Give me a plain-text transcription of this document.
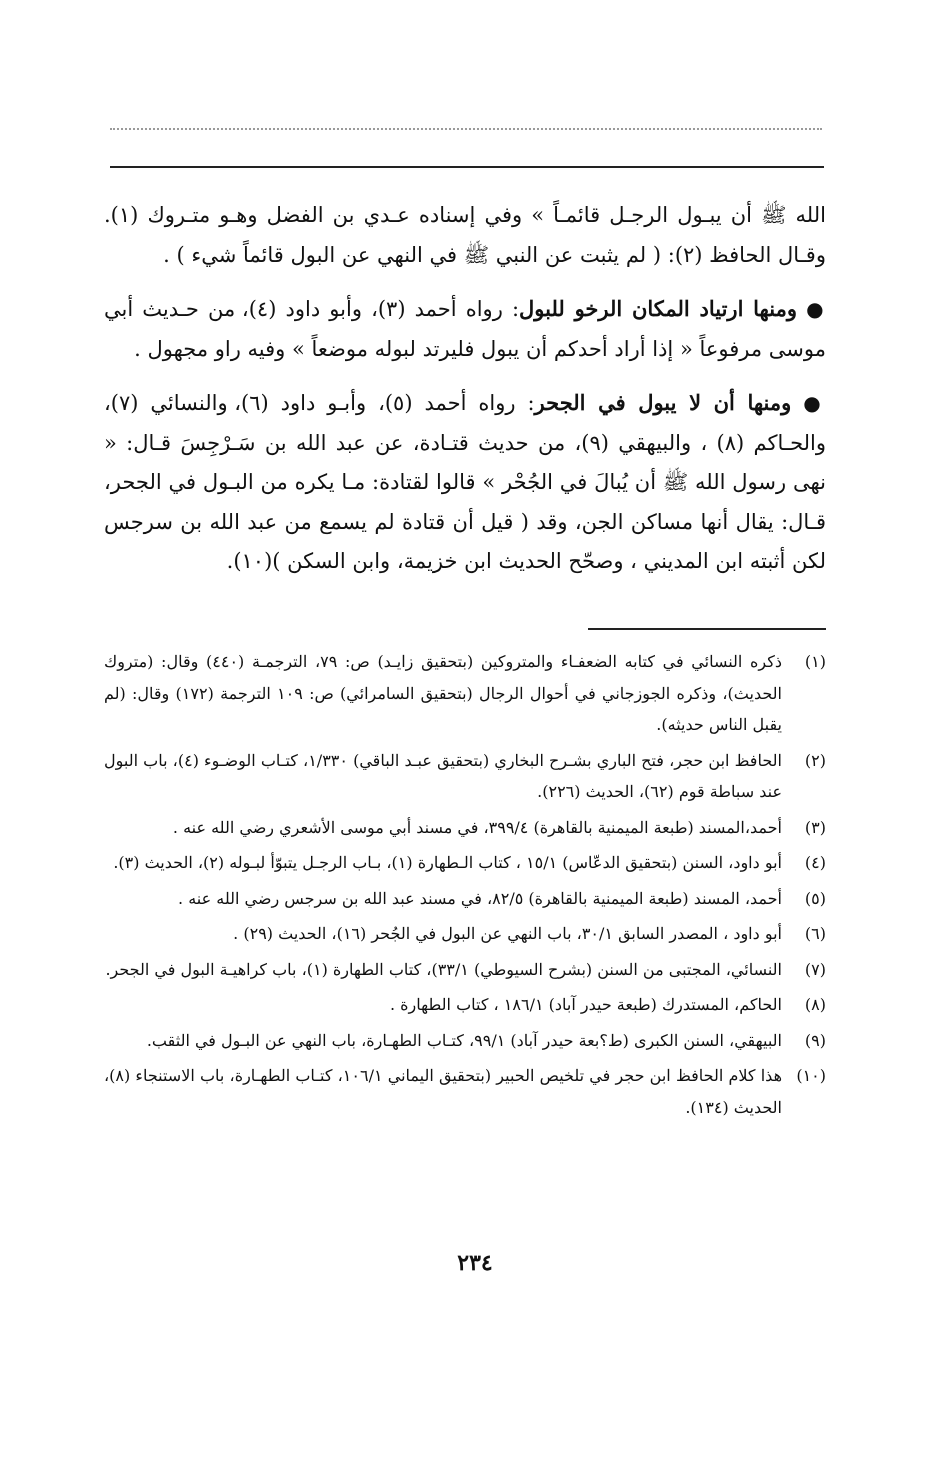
الله ﷺ أن يبـول الرجـل قائمـاً » وفي إسناده عـدي بن الفضل وهـو متـروك (١). وقـال الحافظ (٢): ( لم يثبت عن النبي ﷺ في النهي عن البول قائماً شيء ) .

● ومنها ارتياد المكان الرخو للبول: رواه أحمد (٣)، وأبو داود (٤)، من حـديث أبي موسى مرفوعاً « إذا أراد أحدكم أن يبول فليرتد لبوله موضعاً » وفيه راو مجهول .

● ومنها أن لا يبول في الجحر: رواه أحمد (٥)، وأبـو داود (٦)، والنسائي (٧)، والحـاكم (٨) ، والبيهقي (٩)، من حديث قتـادة، عن عبد الله بن سَـرْجِسَ قـال: « نهى رسول الله ﷺ أن يُبالَ في الجُحْر » قالوا لقتادة: مـا يكره من البـول في الجحر، قـال: يقال أنها مساكن الجن، وقد ( قيل أن قتادة لم يسمع من عبد الله بن سرجس لكن أثبته ابن المديني ، وصحّح الحديث ابن خزيمة، وابن السكن )(١٠).

(١)
ذكره النسائي في كتابه الضعفـاء والمتروكين (بتحقيق زايـد) ص: ٧٩، الترجمـة (٤٤٠) وقال: (متروك الحديث)، وذكره الجوزجاني في أحوال الرجال (بتحقيق السامرائي) ص: ١٠٩ الترجمة (١٧٢) وقال: (لم يقبل الناس حديثه).
(٢)
الحافظ ابن حجر، فتح الباري بشـرح البخاري (بتحقيق عبـد الباقي) ١/٣٣٠، كتـاب الوضـوء (٤)، باب البول عند سباطة قوم (٦٢)، الحديث (٢٢٦).
(٣)
أحمد،المسند (طبعة الميمنية بالقاهرة) ٣٩٩/٤، في مسند أبي موسى الأشعري رضي الله عنه .
(٤)
أبو داود، السنن (بتحقيق الدعّاس) ١٥/١ ، كتاب الـطهارة (١)، بـاب الرجـل يتبوّأ لبـوله (٢)، الحديث (٣).
(٥)
أحمد، المسند (طبعة الميمنية بالقاهرة) ٨٢/٥، في مسند عبد الله بن سرجس رضي الله عنه .
(٦)
أبو داود ، المصدر السابق ٣٠/١، باب النهي عن البول في الجُحر (١٦)، الحديث (٢٩) .
(٧)
النسائي، المجتبى من السنن (بشرح السيوطي) ٣٣/١)، كتاب الطهارة (١)، باب كراهيـة البول في الجحر.
(٨)
الحاكم، المستدرك (طبعة حيدر آباد) ١٨٦/١ ، كتاب الطهارة .
(٩)
البيهقي، السنن الكبرى (ط؟بعة حيدر آباد) ٩٩/١، كتـاب الطهـارة، باب النهي عن البـول في الثقب.
(١٠)
هذا كلام الحافظ ابن حجر في تلخيص الحبير (بتحقيق اليماني ١٠٦/١، كتـاب الطهـارة، باب الاستنجاء (٨)، الحديث (١٣٤).
٢٣٤
